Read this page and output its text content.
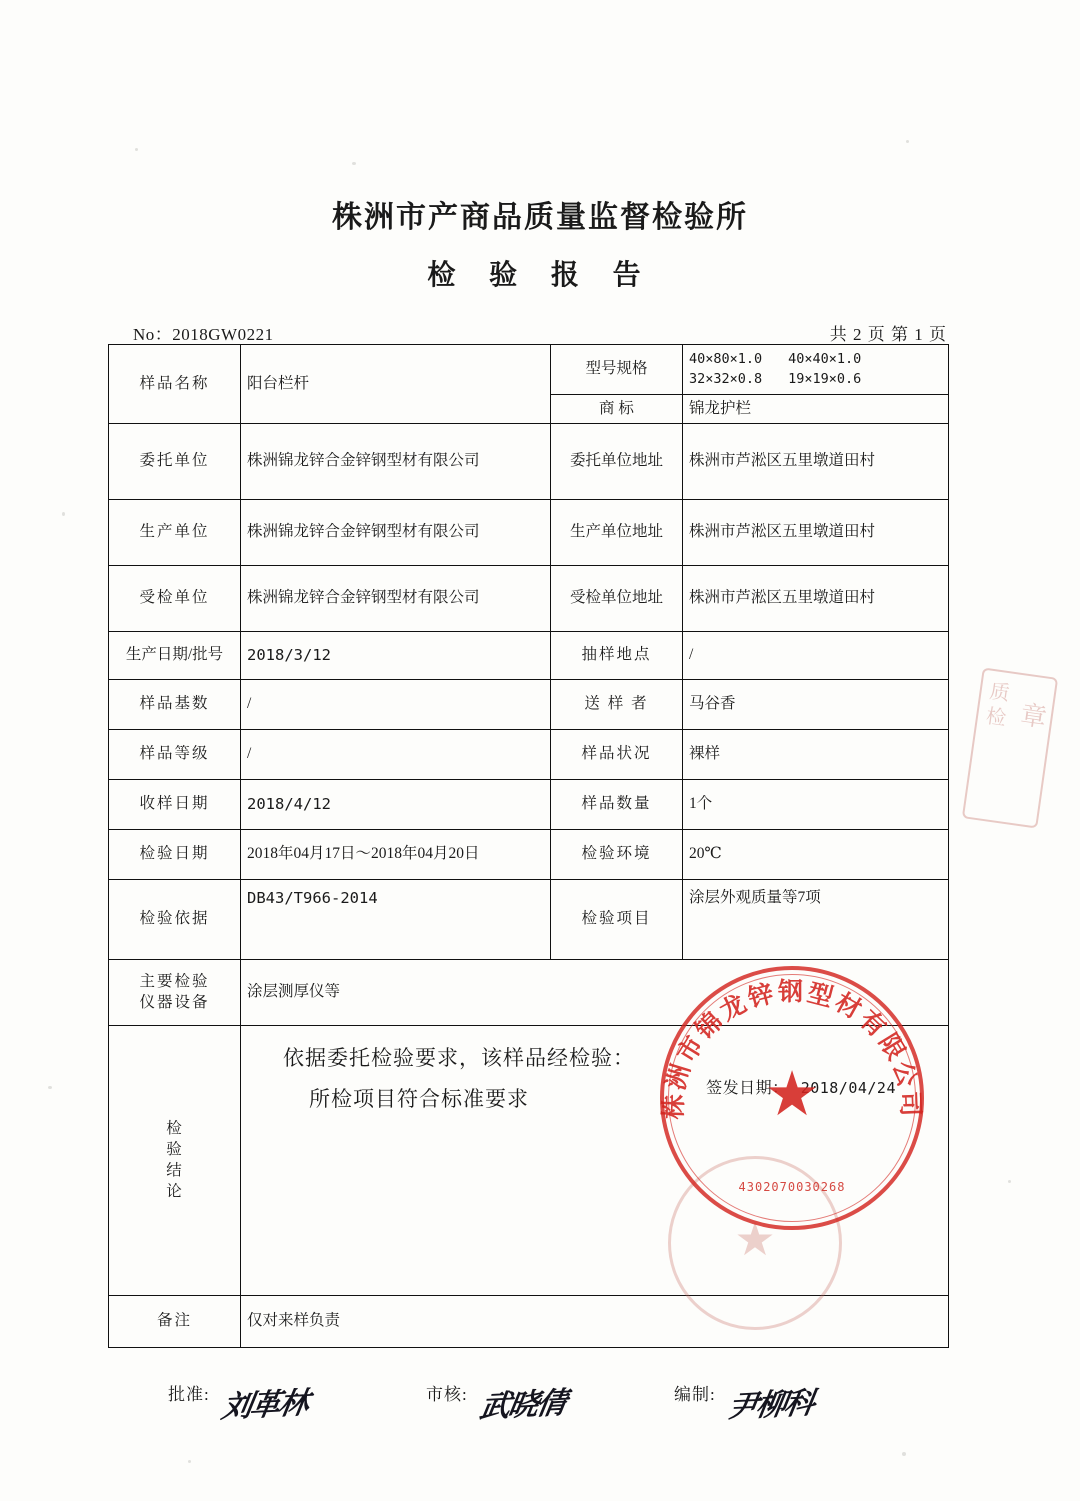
株洲市产商品质量监督检验所
检 验 报 告
No：2018GW0221	共 2 页 第 1 页
样品名称	阳台栏杆	型号规格	40×80×1.0 40×40×1.0
32×32×0.8 19×19×0.6

		商 标	锦龙护栏
委托单位	株洲锦龙锌合金锌钢型材有限公司	委托单位地址	株洲市芦淞区五里墩道田村
生产单位	株洲锦龙锌合金锌钢型材有限公司	生产单位地址	株洲市芦淞区五里墩道田村
受检单位	株洲锦龙锌合金锌钢型材有限公司	受检单位地址	株洲市芦淞区五里墩道田村
生产日期/批号	2018/3/12	抽样地点	/
样品基数	/	送 样 者	马谷香
样品等级	/	样品状况	裸样
收样日期	2018/4/12	样品数量	1个
检验日期	2018年04月17日～2018年04月20日	检验环境	20℃
检验依据	DB43/T966-2014	检验项目	涂层外观质量等7项

主要检验
仪器设备	涂层测厚仪等		

检
验
结
论

依据委托检验要求，该样品经检验：
所检项目符合标准要求	签发日期： 2018/04/24

备注	仅对来样负责		
质检 章
★
株洲市锦龙锌钢型材有限公司
★
4302070030268
批准: 刘革林	市核: 武晓倩	编制: 尹柳科
